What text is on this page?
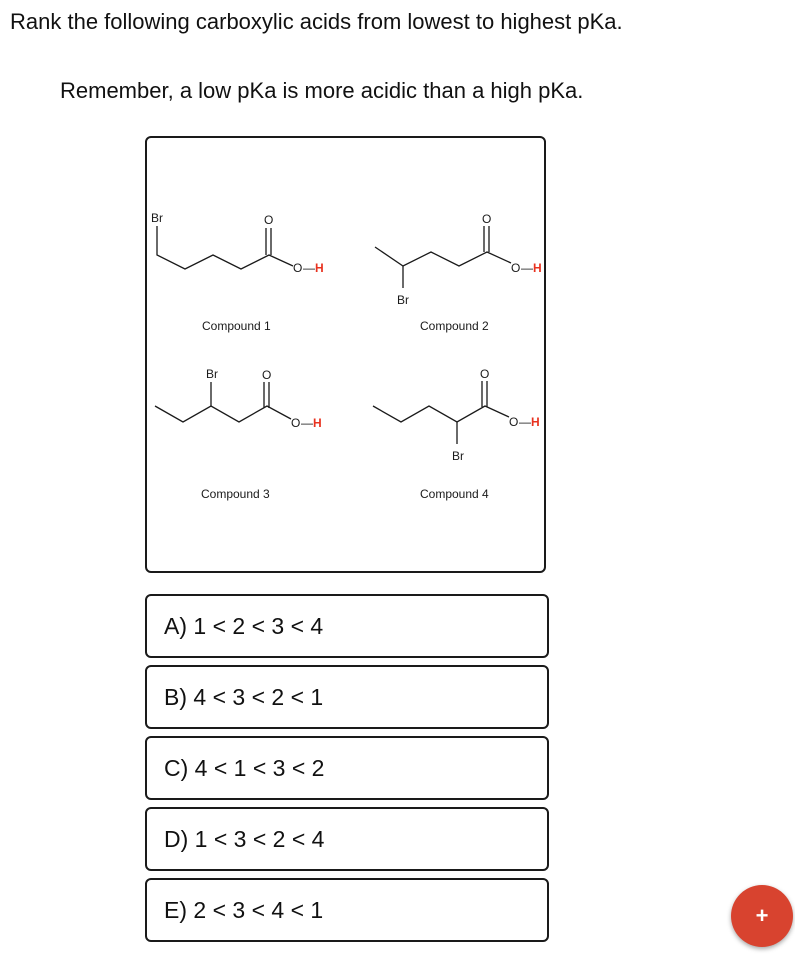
Rank the following carboxylic acids from lowest to highest pKa.

Remember, a low pKa is more acidic than a high pKa.

Br	O
O — H
Compound 1
Br
O
O — H
Compound 2
Br	O
O — H
Compound 3
Br
O
O — H
Compound 4
A) 1 < 2 < 3 < 4
B) 4 < 3 < 2 < 1
C) 4 < 1 < 3 < 2
D) 1 < 3 < 2 < 4
E) 2 < 3 < 4 < 1	+
